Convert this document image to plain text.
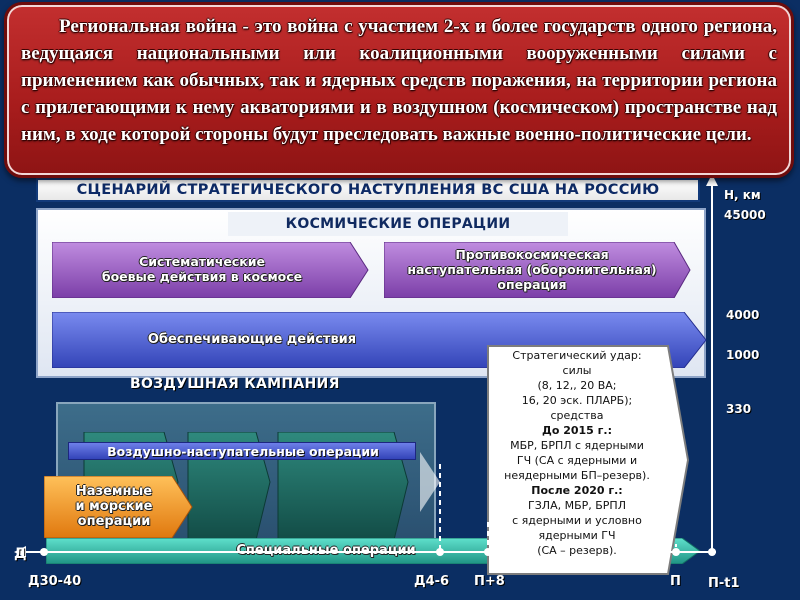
Региональная война - это война с участием 2-х и более государств одного региона, ведущаяся национальными или коалиционными вооруженными силами с применением как обычных, так и ядерных средств поражения, на территории региона с прилегающими к нему акваториями и в воздушном (космическом) пространстве над ним, в ходе которой стороны будут преследовать важные военно-политические цели.

СЦЕНАРИЙ СТРАТЕГИЧЕСКОГО НАСТУПЛЕНИЯ ВС США НА РОССИЮ
КОСМИЧЕСКИЕ ОПЕРАЦИИ
Систематические
боевые действия в космосе
Противокосмическая
наступательная (оборонительная)
операция
Обеспечивающие действия
ВОЗДУШНАЯ КАМПАНИЯ
Воздушно-наступательные операции
Наземные
и морские
операции
Специальные операции
Стратегический удар:
силы
(8, 12,, 20 ВА;
16, 20 эск. ПЛАРБ);
средства
До 2015 г.:
МБР, БРПЛ с ядерными
ГЧ (СА с ядерными и
неядерными БП–резерв).
После 2020 г.:
ГЗЛА, МБР, БРПЛ
с ядерными и условно
ядерными ГЧ
(СА – резерв).
H, км
45000
4000
1000
330
Д
Д30-40	Д4-6 П+8	П П-t1
